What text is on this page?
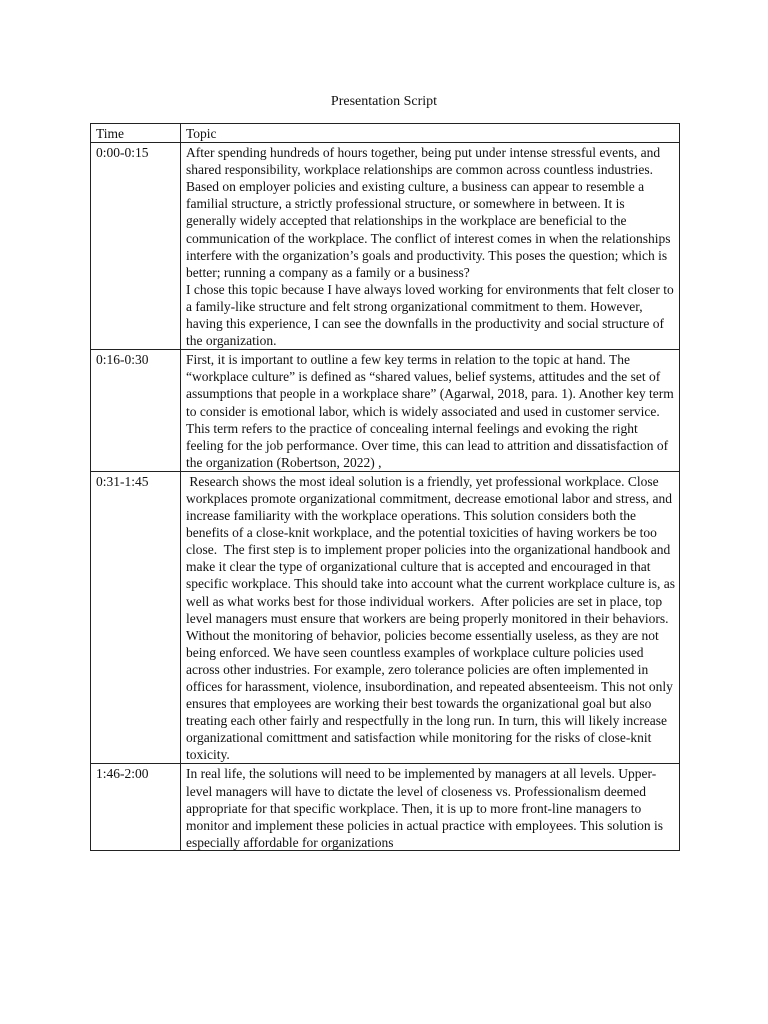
Presentation Script
Time	Topic
0:00-0:15	After spending hundreds of hours together, being put under intense stressful events, and shared responsibility, workplace relationships are common across countless industries. Based on employer policies and existing culture, a business can appear to resemble a familial structure, a strictly professional structure, or somewhere in between. It is generally widely accepted that relationships in the workplace are beneficial to the communication of the workplace. The conflict of interest comes in when the relationships interfere with the organization’s goals and productivity. This poses the question; which is better; running a company as a family or a business?

I chose this topic because I have always loved working for environments that felt closer to a family-like structure and felt strong organizational commitment to them. However, having this experience, I can see the downfalls in the productivity and social structure of the organization.

0:16-0:30	First, it is important to outline a few key terms in relation to the topic at hand. The “workplace culture” is defined as “shared values, belief systems, attitudes and the set of assumptions that people in a workplace share” (Agarwal, 2018, para. 1). Another key term to consider is emotional labor, which is widely associated and used in customer service. This term refers to the practice of concealing internal feelings and evoking the right feeling for the job performance. Over time, this can lead to attrition and dissatisfaction of the organization (Robertson, 2022) ,

0:31-1:45	Research shows the most ideal solution is a friendly, yet professional workplace. Close workplaces promote organizational commitment, decrease emotional labor and stress, and increase familiarity with the workplace operations. This solution considers both the benefits of a close-knit workplace, and the potential toxicities of having workers be too close.  The first step is to implement proper policies into the organizational handbook and make it clear the type of organizational culture that is accepted and encouraged in that specific workplace. This should take into account what the current workplace culture is, as well as what works best for those individual workers.  After policies are set in place, top level managers must ensure that workers are being properly monitored in their behaviors. Without the monitoring of behavior, policies become essentially useless, as they are not being enforced. We have seen countless examples of workplace culture policies used across other industries. For example, zero tolerance policies are often implemented in offices for harassment, violence, insubordination, and repeated absenteeism. This not only ensures that employees are working their best towards the organizational goal but also treating each other fairly and respectfully in the long run. In turn, this will likely increase organizational comittment and satisfaction while monitoring for the risks of close-knit toxicity.

1:46-2:00	In real life, the solutions will need to be implemented by managers at all levels. Upper-level managers will have to dictate the level of closeness vs. Professionalism deemed appropriate for that specific workplace. Then, it is up to more front-line managers to monitor and implement these policies in actual practice with employees. This solution is especially affordable for organizations
